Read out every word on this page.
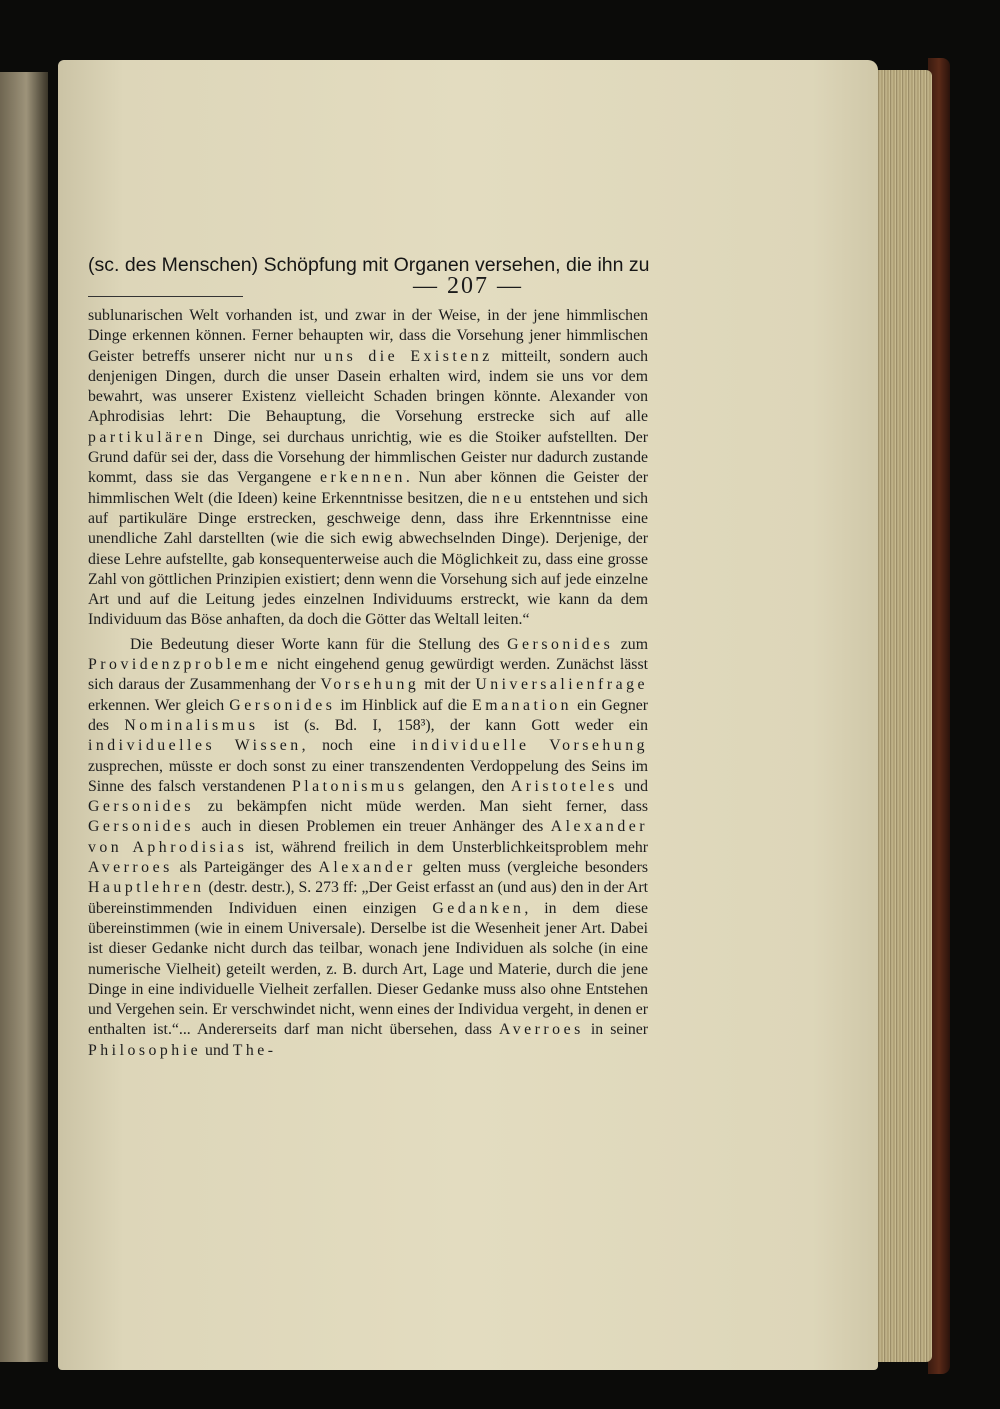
— 207 —
(sc. des Menschen) Schöpfung mit Organen versehen, die ihn zu

sublunarischen Welt vorhanden ist, und zwar in der Weise, in der jene himmlischen Dinge erkennen können. Ferner behaupten wir, dass die Vorsehung jener himmlischen Geister betreffs unserer nicht nur uns die Existenz mitteilt, sondern auch denjenigen Dingen, durch die unser Dasein erhalten wird, indem sie uns vor dem bewahrt, was unserer Existenz vielleicht Schaden bringen könnte. Alexander von Aphrodisias lehrt: Die Behauptung, die Vorsehung erstrecke sich auf alle partikulären Dinge, sei durchaus unrichtig, wie es die Stoiker aufstellten. Der Grund dafür sei der, dass die Vorsehung der himmlischen Geister nur dadurch zustande kommt, dass sie das Vergangene erkennen. Nun aber können die Geister der himmlischen Welt (die Ideen) keine Erkenntnisse besitzen, die neu entstehen und sich auf partikuläre Dinge erstrecken, geschweige denn, dass ihre Erkenntnisse eine unendliche Zahl darstellten (wie die sich ewig abwechselnden Dinge). Derjenige, der diese Lehre aufstellte, gab konsequenterweise auch die Möglichkeit zu, dass eine grosse Zahl von göttlichen Prinzipien existiert; denn wenn die Vorsehung sich auf jede einzelne Art und auf die Leitung jedes einzelnen Individuums erstreckt, wie kann da dem Individuum das Böse anhaften, da doch die Götter das Weltall leiten.“

Die Bedeutung dieser Worte kann für die Stellung des Gersonides zum Providenzprobleme nicht eingehend genug gewürdigt werden. Zunächst lässt sich daraus der Zusammenhang der Vorsehung mit der Universalienfrage erkennen. Wer gleich Gersonides im Hinblick auf die Emanation ein Gegner des Nominalismus ist (s. Bd. I, 158³), der kann Gott weder ein individuelles Wissen, noch eine individuelle Vorsehung zusprechen, müsste er doch sonst zu einer transzendenten Verdoppelung des Seins im Sinne des falsch verstandenen Platonismus gelangen, den Aristoteles und Gersonides zu bekämpfen nicht müde werden. Man sieht ferner, dass Gersonides auch in diesen Problemen ein treuer Anhänger des Alexander von Aphrodisias ist, während freilich in dem Unsterblichkeitsproblem mehr Averroes als Parteigänger des Alexander gelten muss (vergleiche besonders Hauptlehren (destr. destr.), S. 273 ff: „Der Geist erfasst an (und aus) den in der Art übereinstimmenden Individuen einen einzigen Gedanken, in dem diese übereinstimmen (wie in einem Universale). Derselbe ist die Wesenheit jener Art. Dabei ist dieser Gedanke nicht durch das teilbar, wonach jene Individuen als solche (in eine numerische Vielheit) geteilt werden, z. B. durch Art, Lage und Materie, durch die jene Dinge in eine individuelle Vielheit zerfallen. Dieser Gedanke muss also ohne Entstehen und Vergehen sein. Er verschwindet nicht, wenn eines der Individua vergeht, in denen er enthalten ist.“... Andererseits darf man nicht übersehen, dass Averroes in seiner Philosophie und The-
